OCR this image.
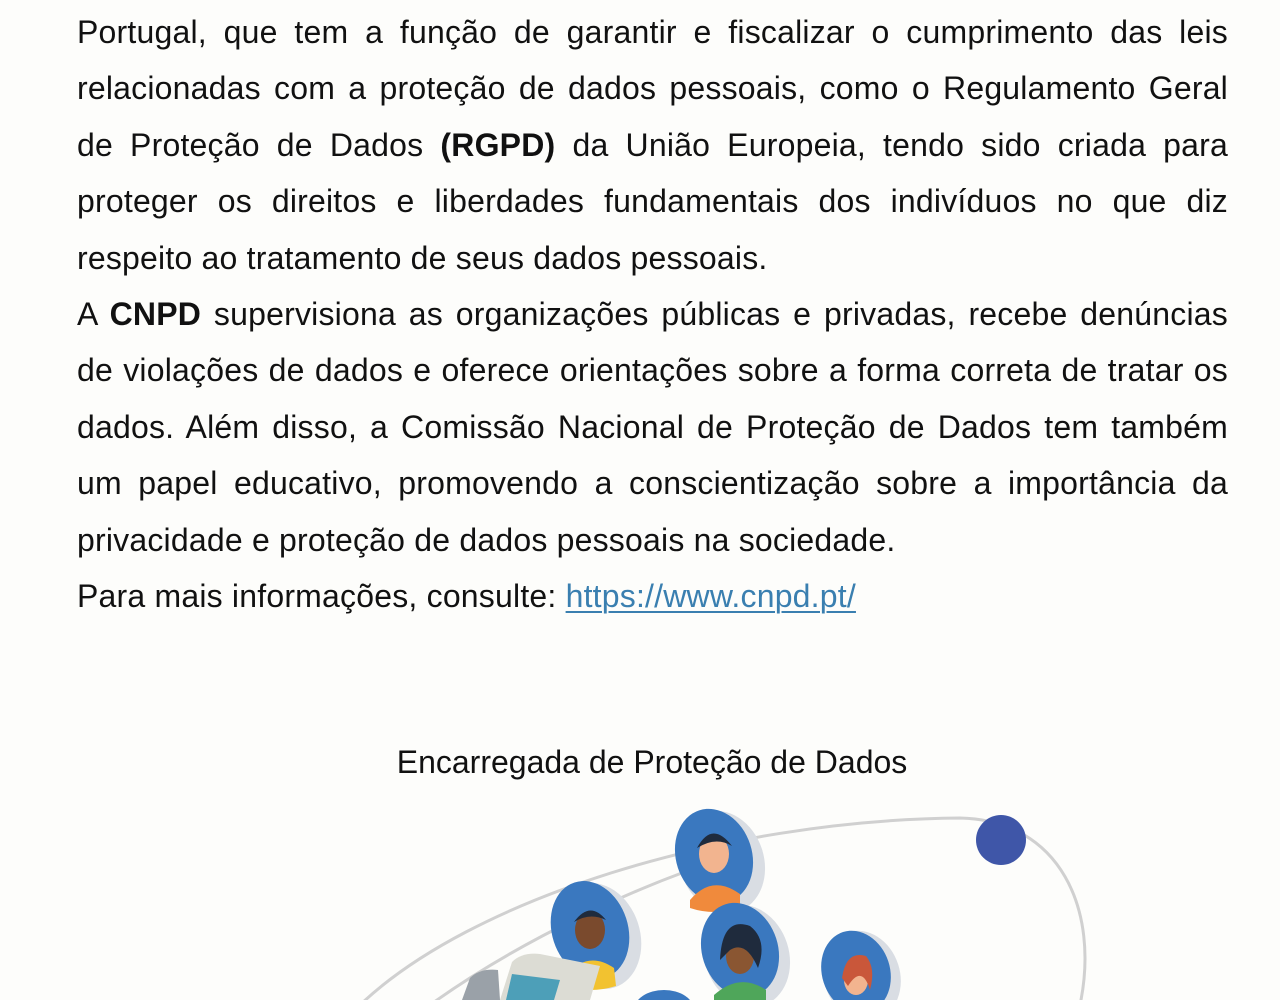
Portugal, que tem a função de garantir e fiscalizar o cumprimento das leis relacionadas com a proteção de dados pessoais, como o Regulamento Geral de Proteção de Dados (RGPD) da União Europeia, tendo sido criada para proteger os direitos e liberdades fundamentais dos indivíduos no que diz respeito ao tratamento de seus dados pessoais.

A CNPD supervisiona as organizações públicas e privadas, recebe denúncias de violações de dados e oferece orientações sobre a forma correta de tratar os dados. Além disso, a Comissão Nacional de Proteção de Dados tem também um papel educativo, promovendo a conscientização sobre a importância da privacidade e proteção de dados pessoais na sociedade.

Para mais informações, consulte: https://www.cnpd.pt/

Encarregada de Proteção de Dados
